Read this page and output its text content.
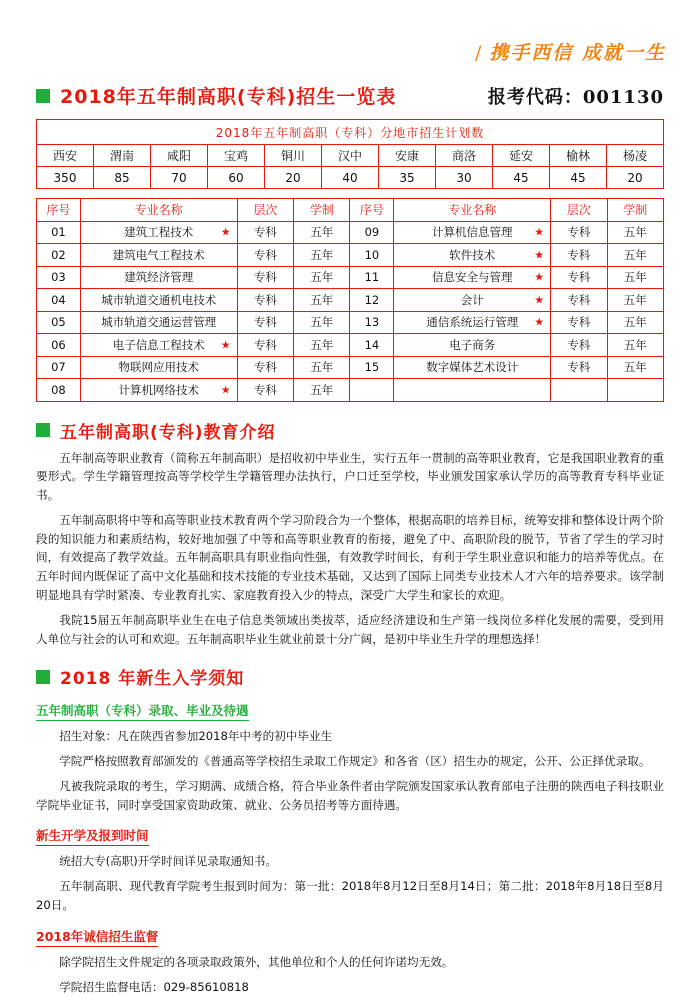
/ 携手西信 成就一生
2018年五年制高职(专科)招生一览表	报考代码：001130
2018年五年制高职（专科）分地市招生计划数										
西安	渭南	咸阳	宝鸡	铜川	汉中	安康	商洛	延安	榆林	杨凌
350	85	70	60	20	40	35	30	45	45	20
序号	专业名称	层次	学制	序号	专业名称	层次	学制
01	建筑工程技术 ★	专科	五年	09	计算机信息管理 ★	专科	五年
02	建筑电气工程技术	专科	五年	10	软件技术 ★	专科	五年
03	建筑经济管理	专科	五年	11	信息安全与管理 ★	专科	五年
04	城市轨道交通机电技术	专科	五年	12	会计 ★	专科	五年
05	城市轨道交通运营管理	专科	五年	13	通信系统运行管理 ★	专科	五年
06	电子信息工程技术 ★	专科	五年	14	电子商务	专科	五年
07	物联网应用技术	专科	五年	15	数字媒体艺术设计	专科	五年
08	计算机网络技术 ★	专科	五年				
五年制高职(专科)教育介绍

五年制高等职业教育（简称五年制高职）是招收初中毕业生，实行五年一贯制的高等职业教育，它是我国职业教育的重要形式。学生学籍管理按高等学校学生学籍管理办法执行，户口迁至学校，毕业颁发国家承认学历的高等教育专科毕业证书。

五年制高职将中等和高等职业技术教育两个学习阶段合为一个整体，根据高职的培养目标，统筹安排和整体设计两个阶段的知识能力和素质结构，较好地加强了中等和高等职业教育的衔接，避免了中、高职阶段的脱节，节省了学生的学习时间，有效提高了教学效益。五年制高职具有职业指向性强，有效教学时间长，有利于学生职业意识和能力的培养等优点。在五年时间内既保证了高中文化基础和技术技能的专业技术基础，又达到了国际上同类专业技术人才六年的培养要求。该学制明显地具有学时紧凑、专业教育扎实、家庭教育投入少的特点，深受广大学生和家长的欢迎。

我院15届五年制高职毕业生在电子信息类领域出类拔萃，适应经济建设和生产第一线岗位多样化发展的需要，受到用人单位与社会的认可和欢迎。五年制高职毕业生就业前景十分广阔，是初中毕业生升学的理想选择！

2018 年新生入学须知
五年制高职（专科）录取、毕业及待遇

招生对象：凡在陕西省参加2018年中考的初中毕业生

学院严格按照教育部颁发的《普通高等学校招生录取工作规定》和各省（区）招生办的规定，公开、公正择优录取。

凡被我院录取的考生，学习期满、成绩合格，符合毕业条件者由学院颁发国家承认教育部电子注册的陕西电子科技职业学院毕业证书，同时享受国家资助政策、就业、公务员招考等方面待遇。

新生开学及报到时间

统招大专(高职)开学时间详见录取通知书。

五年制高职、现代教育学院考生报到时间为：第一批：2018年8月12日至8月14日；第二批：2018年8月18日至8月20日。

2018年诚信招生监督

除学院招生文件规定的各项录取政策外，其他单位和个人的任何许诺均无效。

学院招生监督电话：029-85610818
